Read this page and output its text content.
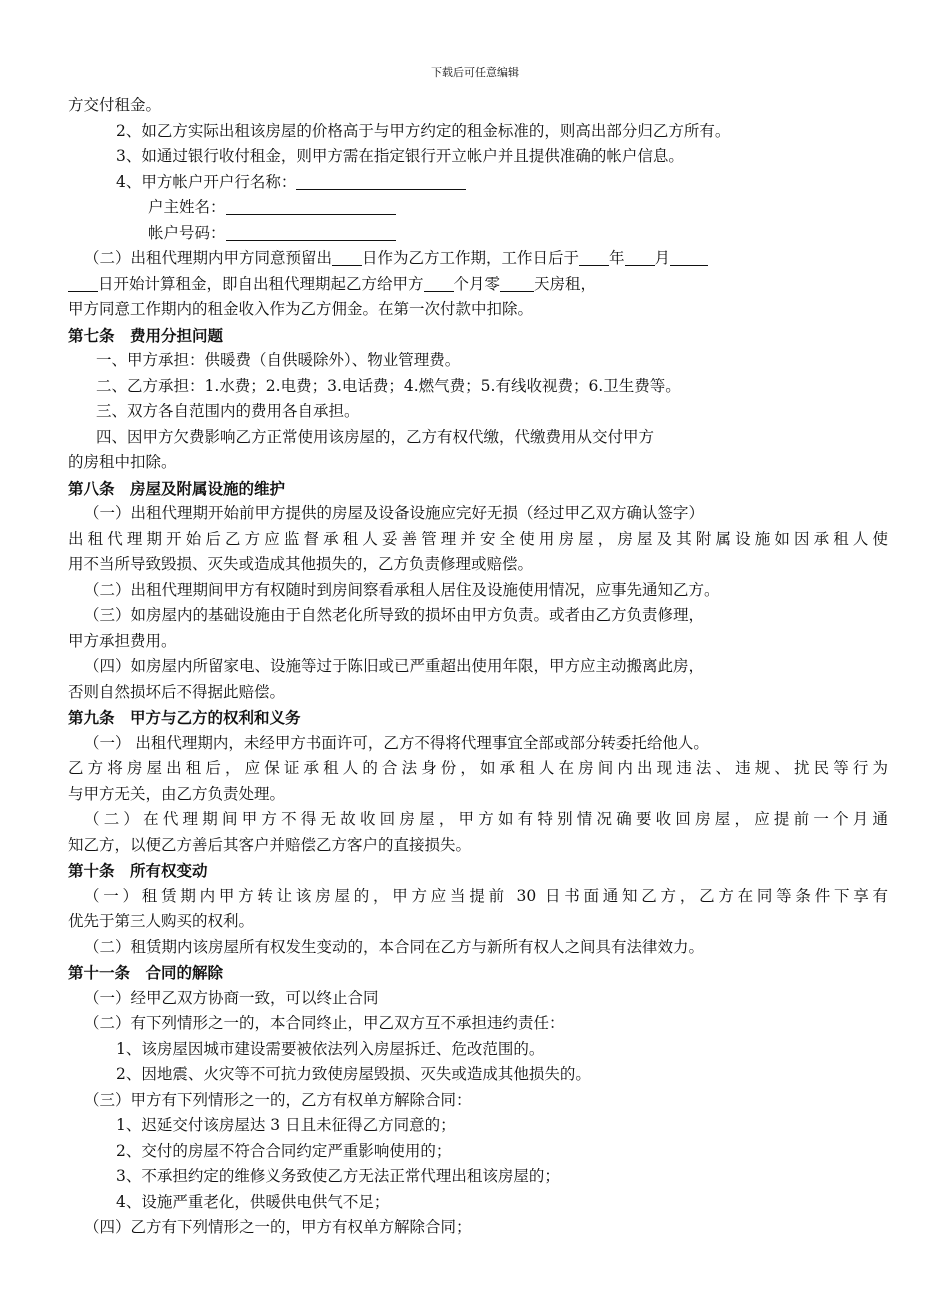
下载后可任意编辑
方交付租金。
2、如乙方实际出租该房屋的价格高于与甲方约定的租金标准的，则高出部分归乙方所有。
3、如通过银行收付租金，则甲方需在指定银行开立帐户并且提供准确的帐户信息。
4、甲方帐户开户行名称：
户主姓名：
帐户号码：
（二）出租代理期内甲方同意预留出 日作为乙方工作期，工作日后于 年 月
日开始计算租金，即自出租代理期起乙方给甲方 个月零 天房租，
甲方同意工作期内的租金收入作为乙方佣金。在第一次付款中扣除。
第七条　费用分担问题
一、甲方承担：供暖费（自供暖除外）、物业管理费。
二、乙方承担：1.水费；2.电费；3.电话费；4.燃气费；5.有线收视费；6.卫生费等。
三、双方各自范围内的费用各自承担。
四、因甲方欠费影响乙方正常使用该房屋的，乙方有权代缴，代缴费用从交付甲方
的房租中扣除。
第八条　房屋及附属设施的维护
（一）出租代理期开始前甲方提供的房屋及设备设施应完好无损（经过甲乙双方确认签字）
出租代理期开始后乙方应监督承租人妥善管理并安全使用房屋，房屋及其附属设施如因承租人使
用不当所导致毁损、灭失或造成其他损失的，乙方负责修理或赔偿。
（二）出租代理期间甲方有权随时到房间察看承租人居住及设施使用情况，应事先通知乙方。
（三）如房屋内的基础设施由于自然老化所导致的损坏由甲方负责。或者由乙方负责修理，
甲方承担费用。
（四）如房屋内所留家电、设施等过于陈旧或已严重超出使用年限，甲方应主动搬离此房，
否则自然损坏后不得据此赔偿。
第九条　甲方与乙方的权利和义务
（一） 出租代理期内，未经甲方书面许可，乙方不得将代理事宜全部或部分转委托给他人。
乙方将房屋出租后，应保证承租人的合法身份，如承租人在房间内出现违法、违规、扰民等行为
与甲方无关，由乙方负责处理。
（二）在代理期间甲方不得无故收回房屋，甲方如有特别情况确要收回房屋，应提前一个月通
知乙方，以便乙方善后其客户并赔偿乙方客户的直接损失。
第十条　所有权变动
（一）租赁期内甲方转让该房屋的，甲方应当提前 30 日书面通知乙方，乙方在同等条件下享有
优先于第三人购买的权利。
（二）租赁期内该房屋所有权发生变动的，本合同在乙方与新所有权人之间具有法律效力。
第十一条　合同的解除
（一）经甲乙双方协商一致，可以终止合同
（二）有下列情形之一的，本合同终止，甲乙双方互不承担违约责任：
1、该房屋因城市建设需要被依法列入房屋拆迁、危改范围的。
2、因地震、火灾等不可抗力致使房屋毁损、灭失或造成其他损失的。
（三）甲方有下列情形之一的，乙方有权单方解除合同：
1、迟延交付该房屋达 3 日且未征得乙方同意的；
2、交付的房屋不符合合同约定严重影响使用的；
3、不承担约定的维修义务致使乙方无法正常代理出租该房屋的；
4、设施严重老化，供暖供电供气不足；
（四）乙方有下列情形之一的，甲方有权单方解除合同；
